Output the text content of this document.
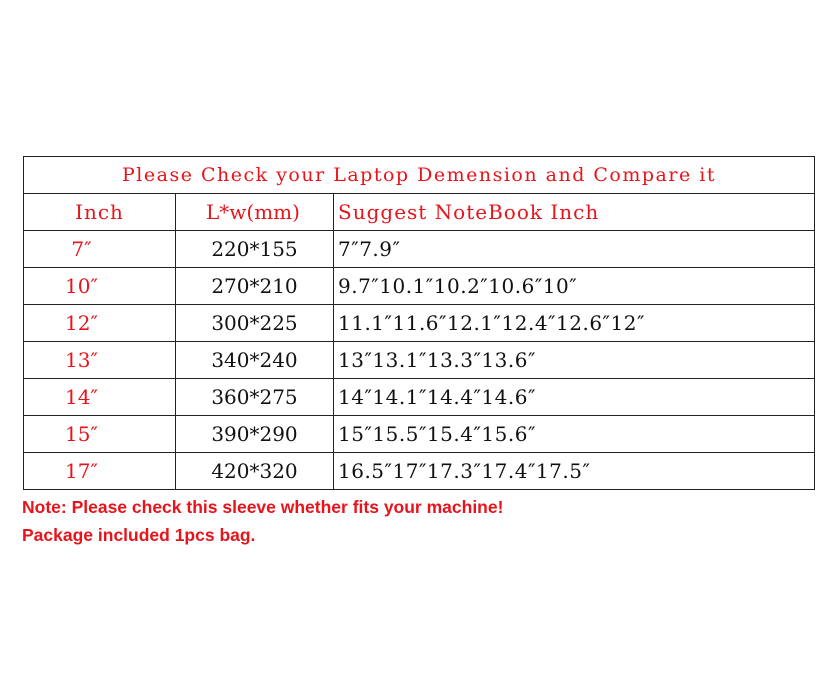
Please Check your Laptop Demension and Compare it		
Inch	L*w(mm)	Suggest NoteBook Inch
7″	220*155	7″7.9″
10″	270*210	9.7″10.1″10.2″10.6″10″
12″	300*225	11.1″11.6″12.1″12.4″12.6″12″
13″	340*240	13″13.1″13.3″13.6″
14″	360*275	14″14.1″14.4″14.6″
15″	390*290	15″15.5″15.4″15.6″
17″	420*320	16.5″17″17.3″17.4″17.5″
Note: Please check this sleeve whether fits your machine!
Package included 1pcs bag.
